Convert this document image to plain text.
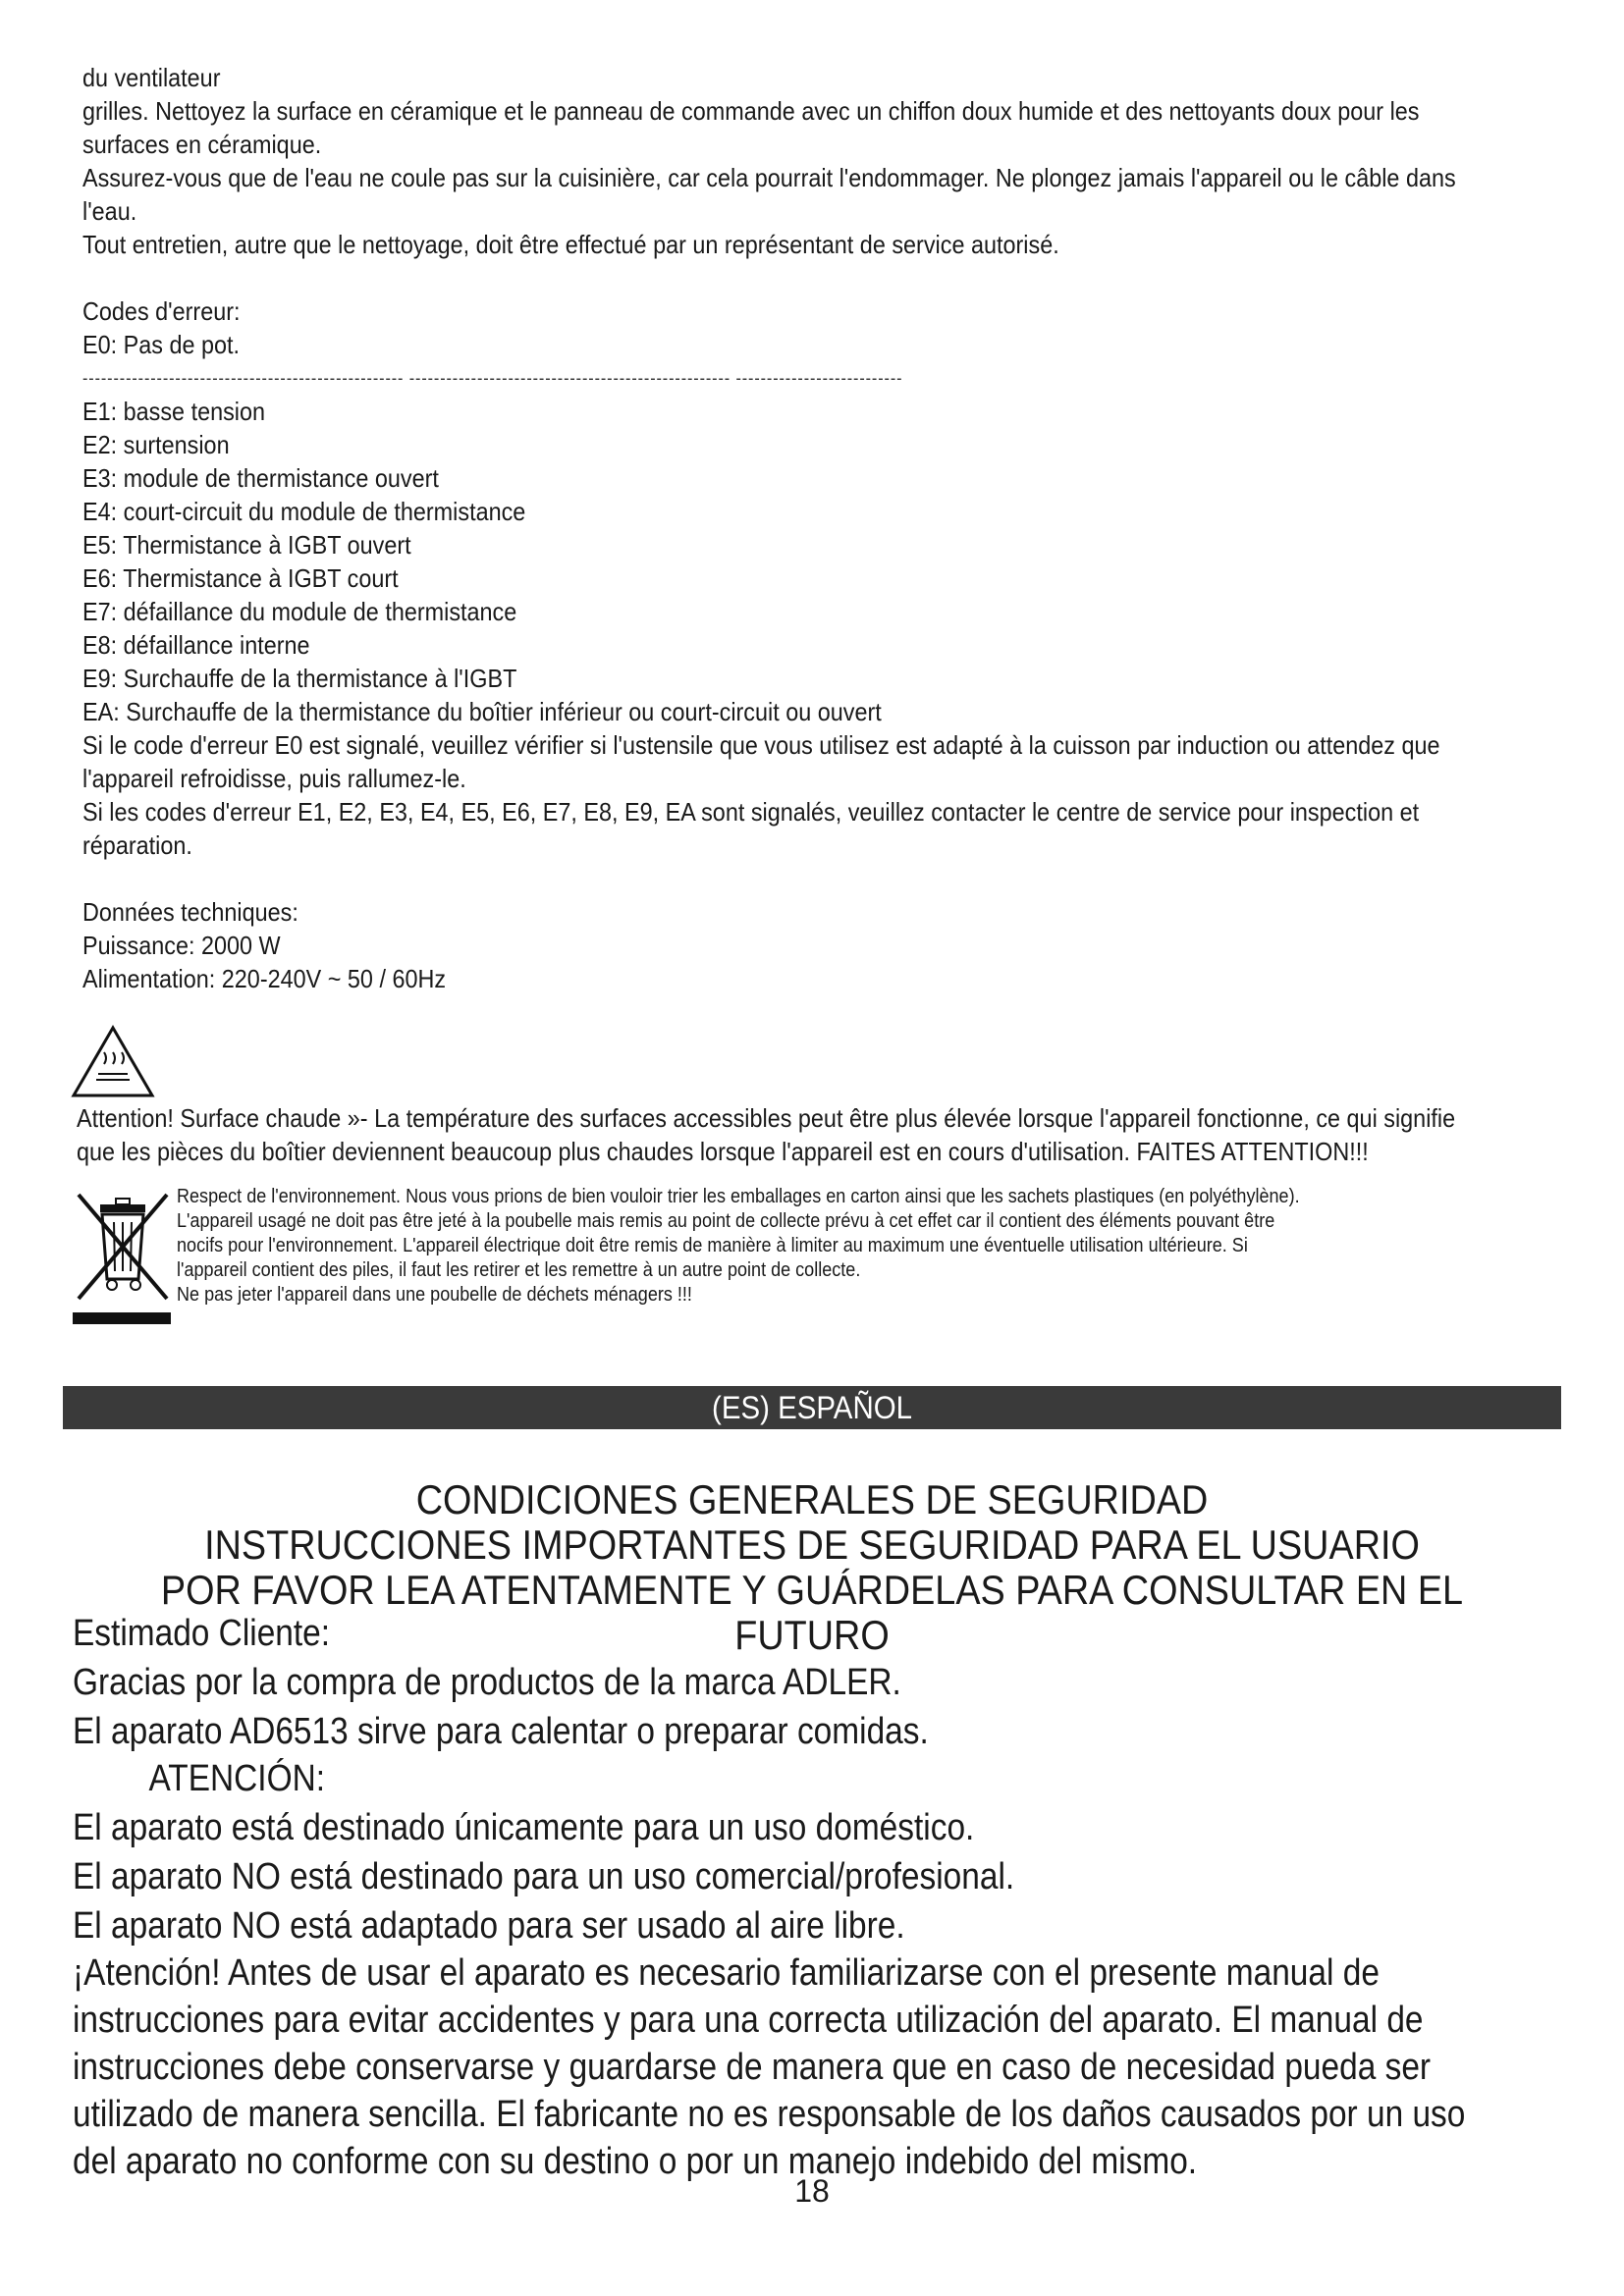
du ventilateur

grilles. Nettoyez la surface en céramique et le panneau de commande avec un chiffon doux humide et des nettoyants doux pour les

surfaces en céramique.

Assurez-vous que de l'eau ne coule pas sur la cuisinière, car cela pourrait l'endommager. Ne plongez jamais l'appareil ou le câble dans

l'eau.

Tout entretien, autre que le nettoyage, doit être effectué par un représentant de service autorisé.

Codes d'erreur:

E0: Pas de pot.

---------------------------------------------------- ---------------------------------------------------- ---------------------------

E1: basse tension

E2: surtension

E3: module de thermistance ouvert

E4: court-circuit du module de thermistance

E5: Thermistance à IGBT ouvert

E6: Thermistance à IGBT court

E7: défaillance du module de thermistance

E8: défaillance interne

E9: Surchauffe de la thermistance à l'IGBT

EA: Surchauffe de la thermistance du boîtier inférieur ou court-circuit ou ouvert

Si le code d'erreur E0 est signalé, veuillez vérifier si l'ustensile que vous utilisez est adapté à la cuisson par induction ou attendez que

l'appareil refroidisse, puis rallumez-le.

Si les codes d'erreur E1, E2, E3, E4, E5, E6, E7, E8, E9, EA sont signalés, veuillez contacter le centre de service pour inspection et

réparation.

Données techniques:

Puissance: 2000 W

Alimentation: 220-240V ~ 50 / 60Hz

Attention! Surface chaude »- La température des surfaces accessibles peut être plus élevée lorsque l'appareil fonctionne, ce qui signifie

que les pièces du boîtier deviennent beaucoup plus chaudes lorsque l'appareil est en cours d'utilisation. FAITES ATTENTION!!!

Respect de l'environnement. Nous vous prions de bien vouloir trier les emballages en carton ainsi que les sachets plastiques (en polyéthylène).

L'appareil usagé ne doit pas être jeté à la poubelle mais remis au point de collecte prévu à cet effet car il contient des éléments pouvant être

nocifs pour l'environnement. L'appareil électrique doit être remis de manière à limiter au maximum une éventuelle utilisation ultérieure. Si

l'appareil contient des piles, il faut les retirer et les remettre à un autre point de collecte.

Ne pas jeter l'appareil dans une poubelle de déchets ménagers !!!

(ES) ESPAÑOL

CONDICIONES GENERALES DE SEGURIDAD

INSTRUCCIONES IMPORTANTES DE SEGURIDAD PARA EL USUARIO

POR FAVOR LEA ATENTAMENTE Y GUÁRDELAS PARA CONSULTAR EN EL FUTURO

Estimado Cliente:

Gracias por la compra de productos de la marca ADLER.

El aparato AD6513 sirve para calentar o preparar comidas.

ATENCIÓN:

El aparato está destinado únicamente para un uso doméstico.

El aparato NO está destinado para un uso comercial/profesional.

El aparato NO está adaptado para ser usado al aire libre.

¡Atención! Antes de usar el aparato es necesario familiarizarse con el presente manual de

instrucciones para evitar accidentes y para una correcta utilización del aparato. El manual de

instrucciones debe conservarse y guardarse de manera que en caso de necesidad pueda ser

utilizado de manera sencilla. El fabricante no es responsable de los daños causados por un uso

del aparato no conforme con su destino o por un manejo indebido del mismo.

18
